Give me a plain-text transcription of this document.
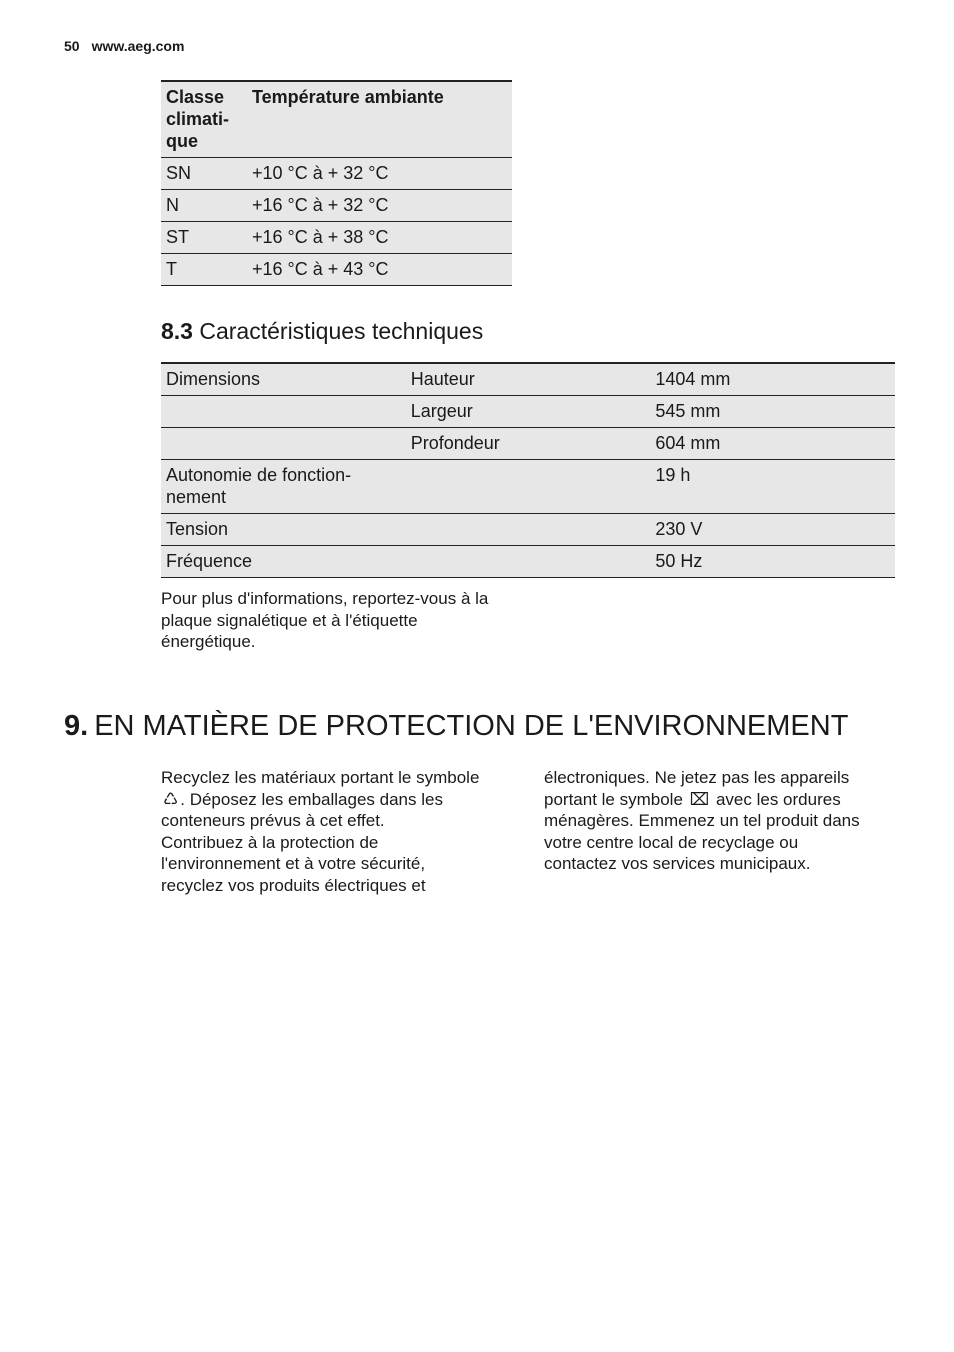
50 www.aeg.com
Classe climati- que	Température ambiante
SN	+10 °C à + 32 °C
N	+16 °C à + 32 °C
ST	+16 °C à + 38 °C
T	+16 °C à + 43 °C
8.3 Caractéristiques techniques
Dimensions	Hauteur	1404 mm
	Largeur	545 mm
	Profondeur	604 mm
Autonomie de fonction- nement		19 h
Tension		230 V
Fréquence		50 Hz
Pour plus d'informations, reportez-vous à la plaque signalétique et à l'étiquette énergétique.
9. EN MATIÈRE DE PROTECTION DE L'ENVIRONNEMENT
Recyclez les matériaux portant le symbole ♺ . Déposez les emballages dans les conteneurs prévus à cet effet.
Contribuez à la protection de l'environnement et à votre sécurité, recyclez vos produits électriques et
électroniques. Ne jetez pas les appareils portant le symbole ⌧ avec les ordures ménagères. Emmenez un tel produit dans votre centre local de recyclage ou contactez vos services municipaux.
